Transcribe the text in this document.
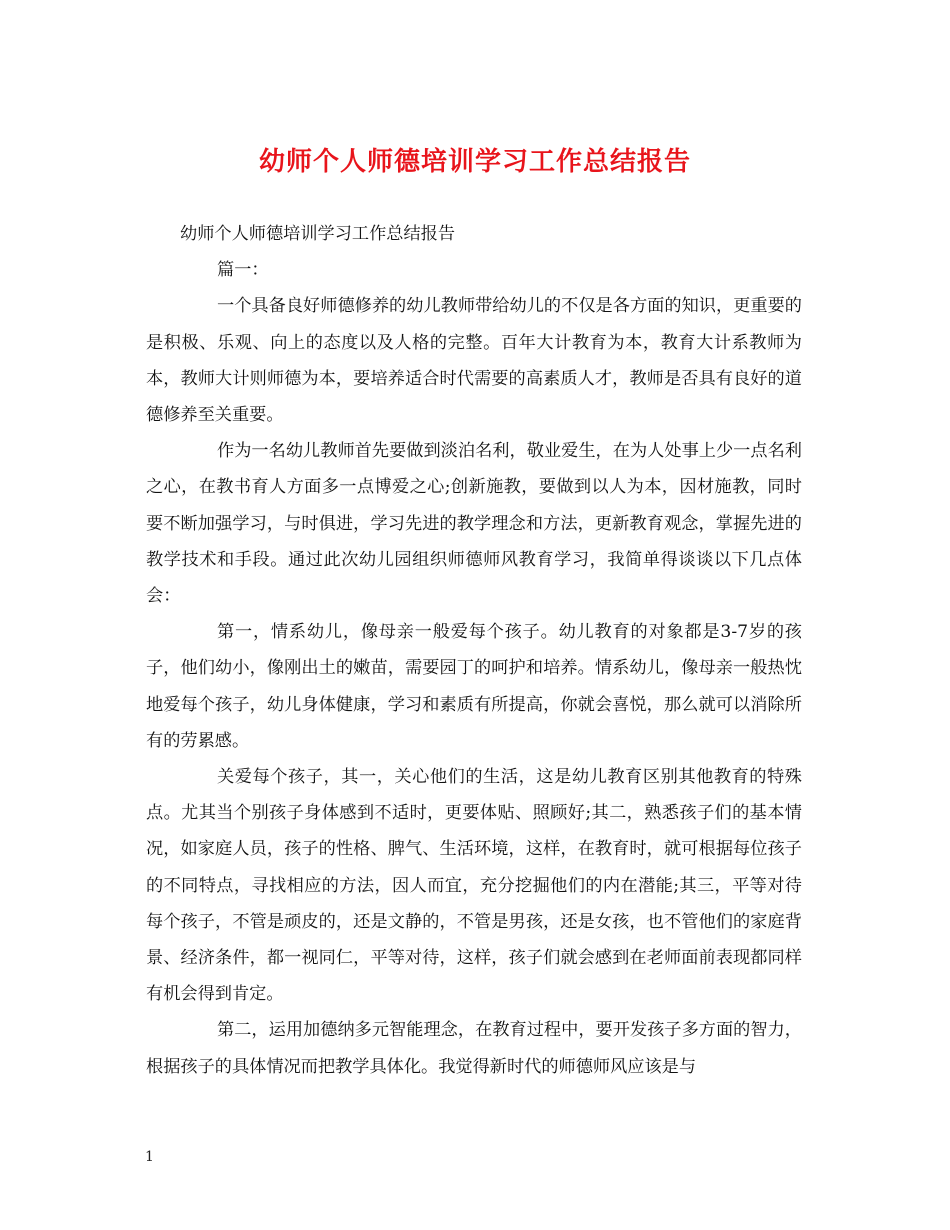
幼师个人师德培训学习工作总结报告

幼师个人师德培训学习工作总结报告

篇一：

一个具备良好师德修养的幼儿教师带给幼儿的不仅是各方面的知识，更重要的是积极、乐观、向上的态度以及人格的完整。百年大计教育为本，教育大计系教师为本，教师大计则师德为本，要培养适合时代需要的高素质人才，教师是否具有良好的道德修养至关重要。

作为一名幼儿教师首先要做到淡泊名利，敬业爱生，在为人处事上少一点名利之心，在教书育人方面多一点博爱之心;创新施教，要做到以人为本，因材施教，同时要不断加强学习，与时俱进，学习先进的教学理念和方法，更新教育观念，掌握先进的教学技术和手段。通过此次幼儿园组织师德师风教育学习，我简单得谈谈以下几点体会：

第一，情系幼儿，像母亲一般爱每个孩子。幼儿教育的对象都是3-7岁的孩子，他们幼小，像刚出土的嫩苗，需要园丁的呵护和培养。情系幼儿，像母亲一般热忱地爱每个孩子，幼儿身体健康，学习和素质有所提高，你就会喜悦，那么就可以消除所有的劳累感。

关爱每个孩子，其一，关心他们的生活，这是幼儿教育区别其他教育的特殊点。尤其当个别孩子身体感到不适时，更要体贴、照顾好;其二，熟悉孩子们的基本情况，如家庭人员，孩子的性格、脾气、生活环境，这样，在教育时，就可根据每位孩子的不同特点，寻找相应的方法，因人而宜，充分挖掘他们的内在潜能;其三，平等对待每个孩子，不管是顽皮的，还是文静的，不管是男孩，还是女孩，也不管他们的家庭背景、经济条件，都一视同仁，平等对待，这样，孩子们就会感到在老师面前表现都同样有机会得到肯定。

第二，运用加德纳多元智能理念，在教育过程中，要开发孩子多方面的智力，根据孩子的具体情况而把教学具体化。我觉得新时代的师德师风应该是与

1
